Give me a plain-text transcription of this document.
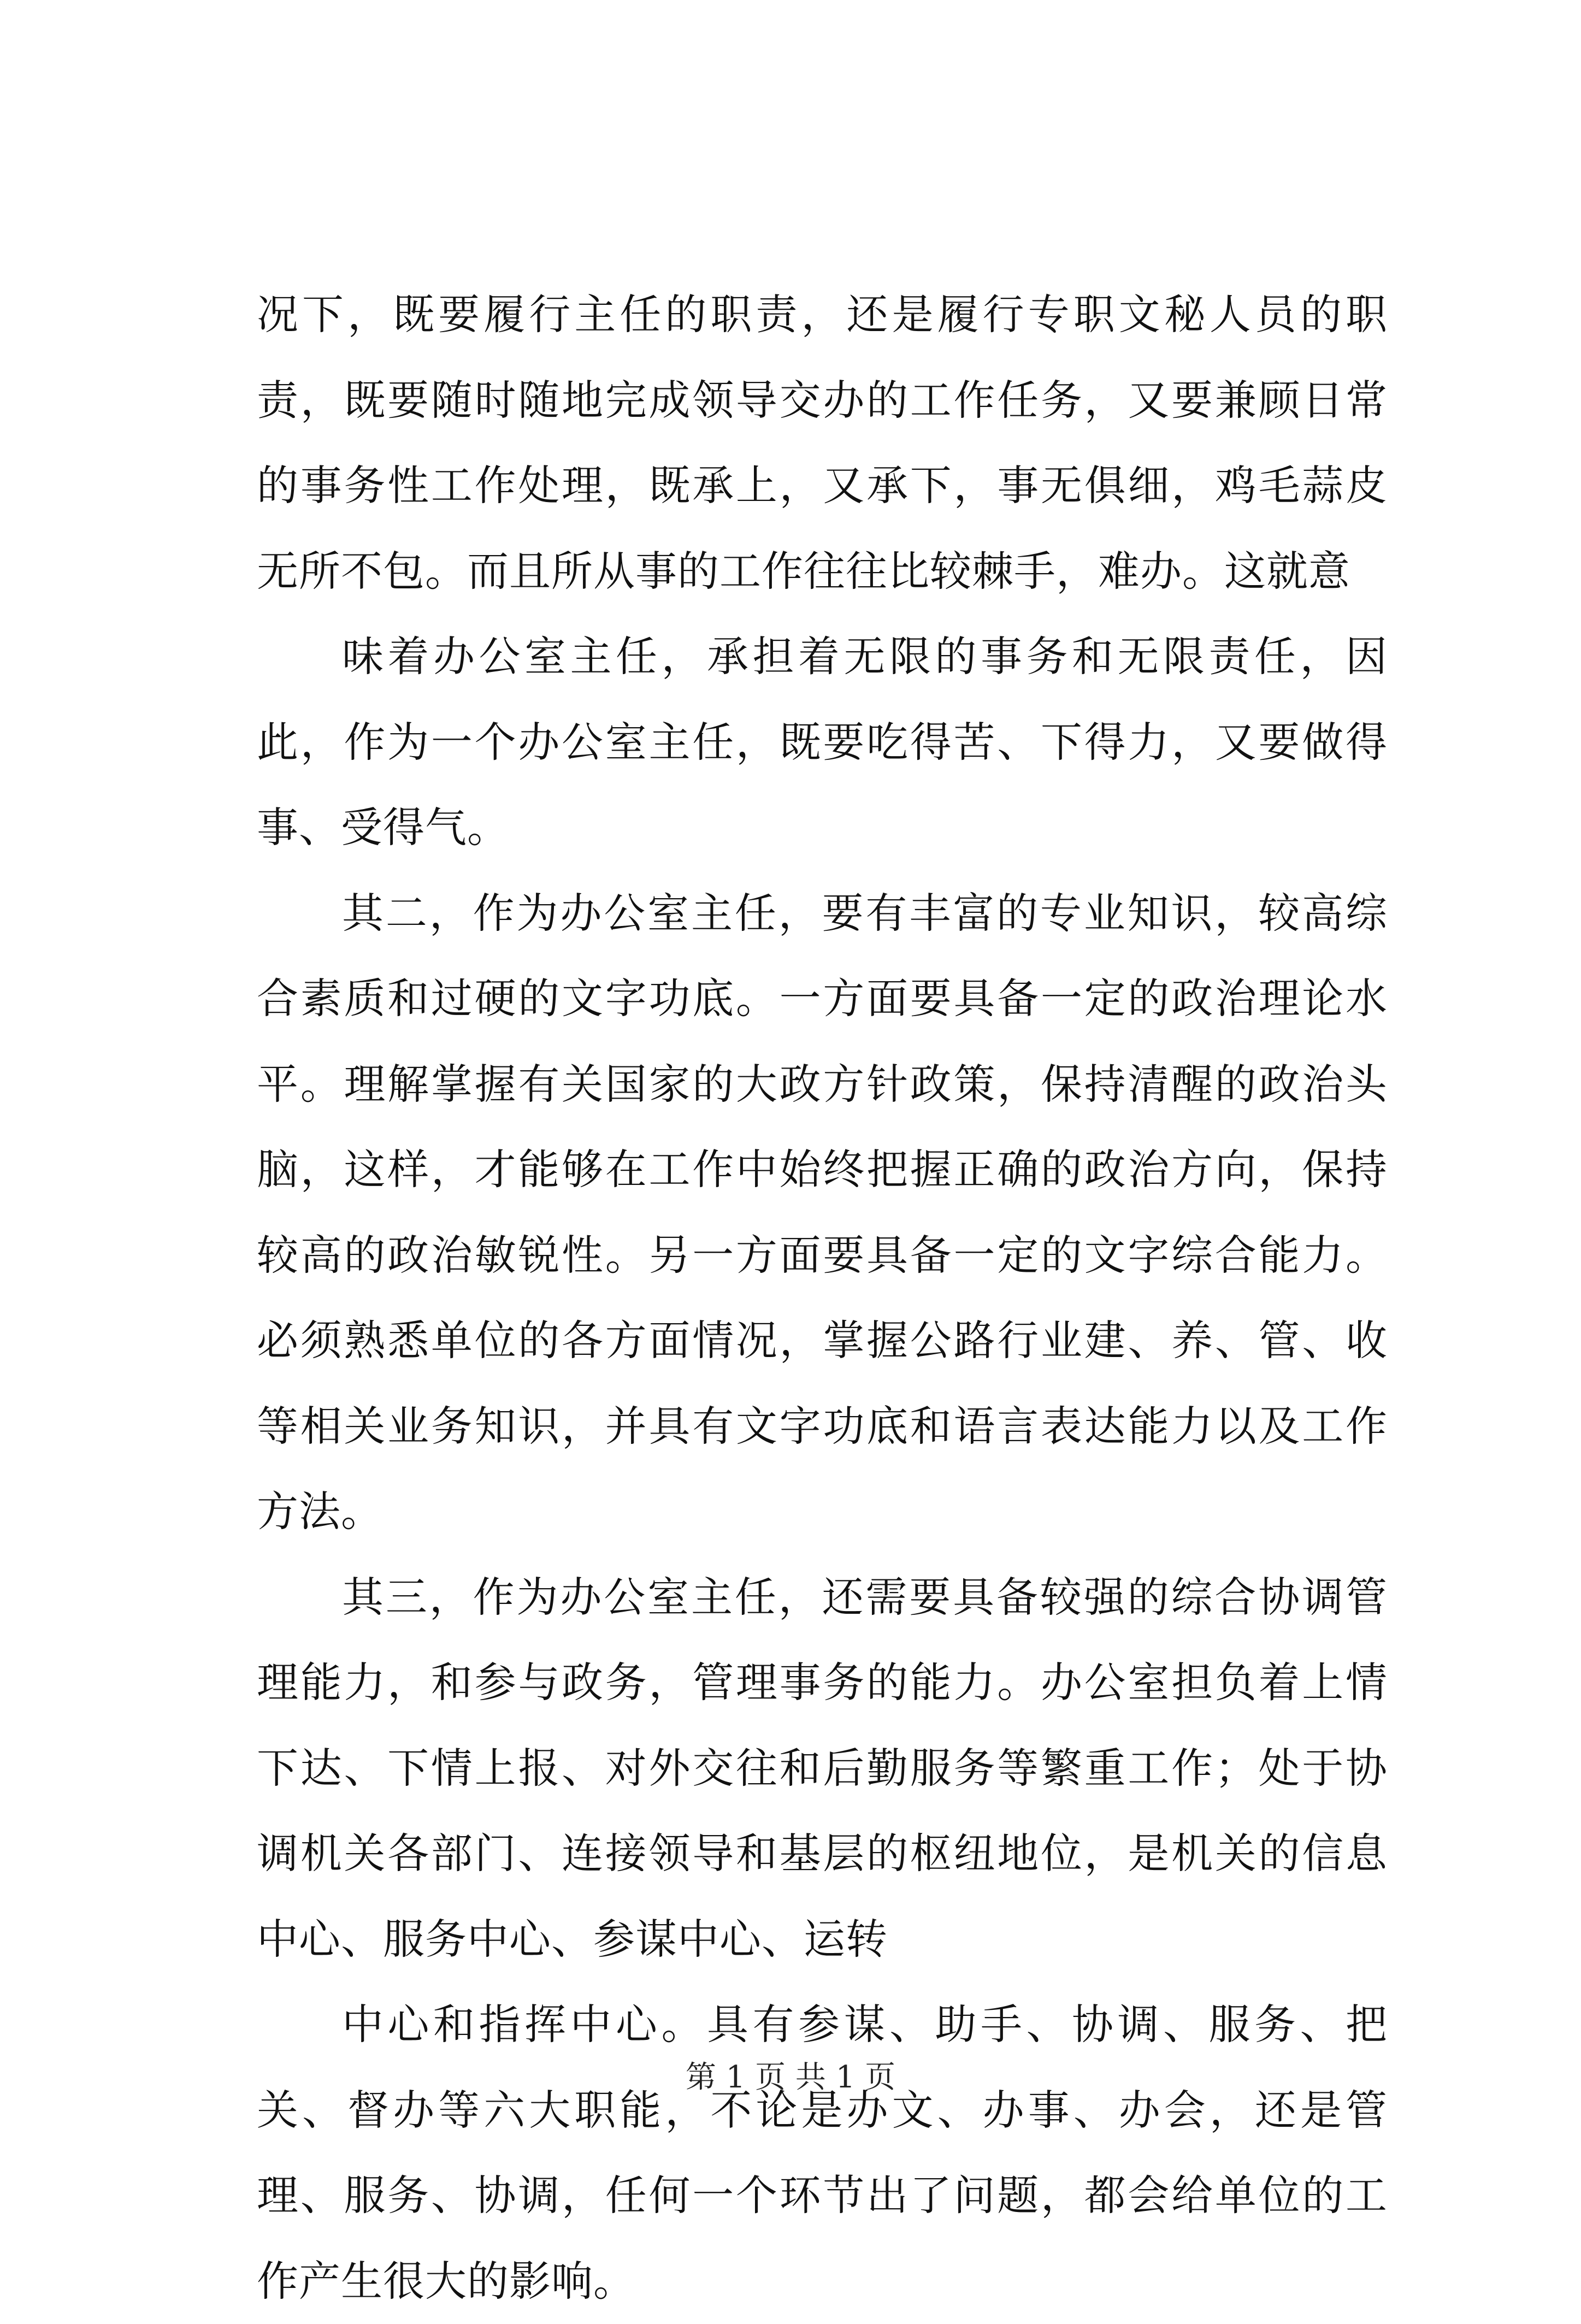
况下，既要履行主任的职责，还是履行专职文秘人员的职责，既要随时随地完成领导交办的工作任务，又要兼顾日常的事务性工作处理，既承上，又承下，事无俱细，鸡毛蒜皮无所不包。而且所从事的工作往往比较棘手，难办。这就意

味着办公室主任，承担着无限的事务和无限责任，因此，作为一个办公室主任，既要吃得苦、下得力，又要做得事、受得气。

其二，作为办公室主任，要有丰富的专业知识，较高综合素质和过硬的文字功底。一方面要具备一定的政治理论水平。理解掌握有关国家的大政方针政策，保持清醒的政治头脑，这样，才能够在工作中始终把握正确的政治方向，保持较高的政治敏锐性。另一方面要具备一定的文字综合能力。必须熟悉单位的各方面情况，掌握公路行业建、养、管、收等相关业务知识，并具有文字功底和语言表达能力以及工作方法。

其三，作为办公室主任，还需要具备较强的综合协调管理能力，和参与政务，管理事务的能力。办公室担负着上情下达、下情上报、对外交往和后勤服务等繁重工作；处于协调机关各部门、连接领导和基层的枢纽地位，是机关的信息中心、服务中心、参谋中心、运转

中心和指挥中心。具有参谋、助手、协调、服务、把关、督办等六大职能，不论是办文、办事、办会，还是管理、服务、协调，任何一个环节出了问题，都会给单位的工作产生很大的影响。

第 1 页 共 1 页
